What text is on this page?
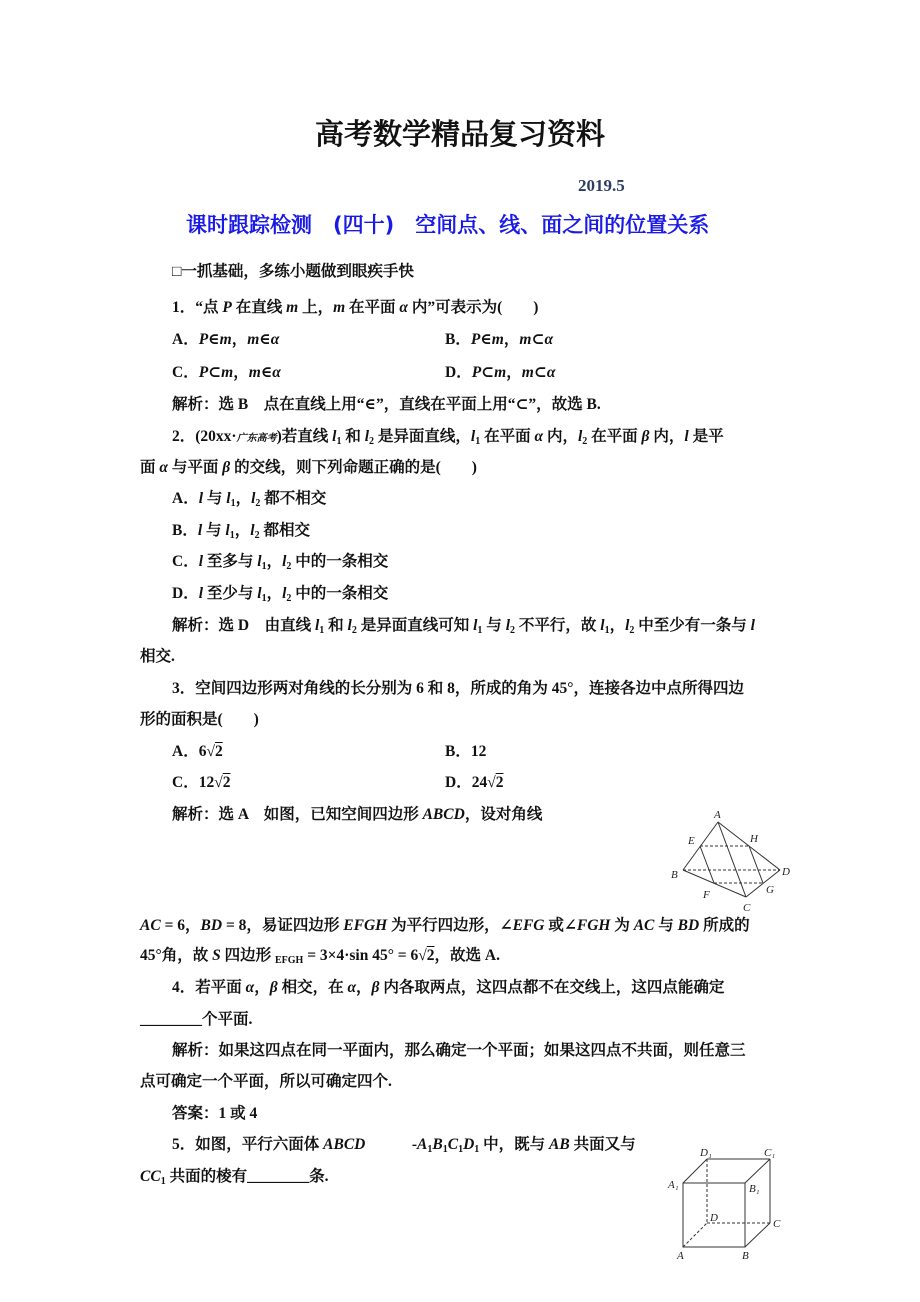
高考数学精品复习资料
2019.5
课时跟踪检测　(四十)　空间点、线、面之间的位置关系
□一抓基础，多练小题做到眼疾手快
1．“点 P 在直线 m 上，m 在平面 α 内”可表示为(　　)
A．P∈m，m∈α	B．P∈m，m⊂α
C．P⊂m，m∈α	D．P⊂m，m⊂α
解析：选 B　点在直线上用“∈”，直线在平面上用“⊂”，故选 B.
2．(20xx·广东高考)若直线 l1 和 l2 是异面直线，l1 在平面 α 内，l2 在平面 β 内，l 是平
面 α 与平面 β 的交线，则下列命题正确的是(　　)
A．l 与 l1，l2 都不相交
B．l 与 l1，l2 都相交
C．l 至多与 l1，l2 中的一条相交
D．l 至少与 l1，l2 中的一条相交
解析：选 D　由直线 l1 和 l2 是异面直线可知 l1 与 l2 不平行，故 l1，l2 中至少有一条与 l
相交.
3．空间四边形两对角线的长分别为 6 和 8，所成的角为 45°，连接各边中点所得四边
形的面积是(　　)
A．6√2	B．12
C．12√2	D．24√2
解析：选 A　如图，已知空间四边形 ABCD，设对角线
AC = 6，BD = 8，易证四边形 EFGH 为平行四边形，∠EFG 或∠FGH 为 AC 与 BD 所成的
45°角，故 S 四边形 EFGH = 3×4·sin 45° = 6√2，故选 A.
4．若平面 α，β 相交，在 α，β 内各取两点，这四点都不在交线上，这四点能确定
________个平面.
解析：如果这四点在同一平面内，那么确定一个平面；如果这四点不共面，则任意三
点可确定一个平面，所以可确定四个.
答案：1 或 4
5．如图，平行六面体 ABCD　　　-A1B1C1D1 中，既与 AB 共面又与
CC1 共面的棱有________条.
A
E	H
B	D
F	G
C
D₁	C₁
A₁	B₁
D	C
A	B
